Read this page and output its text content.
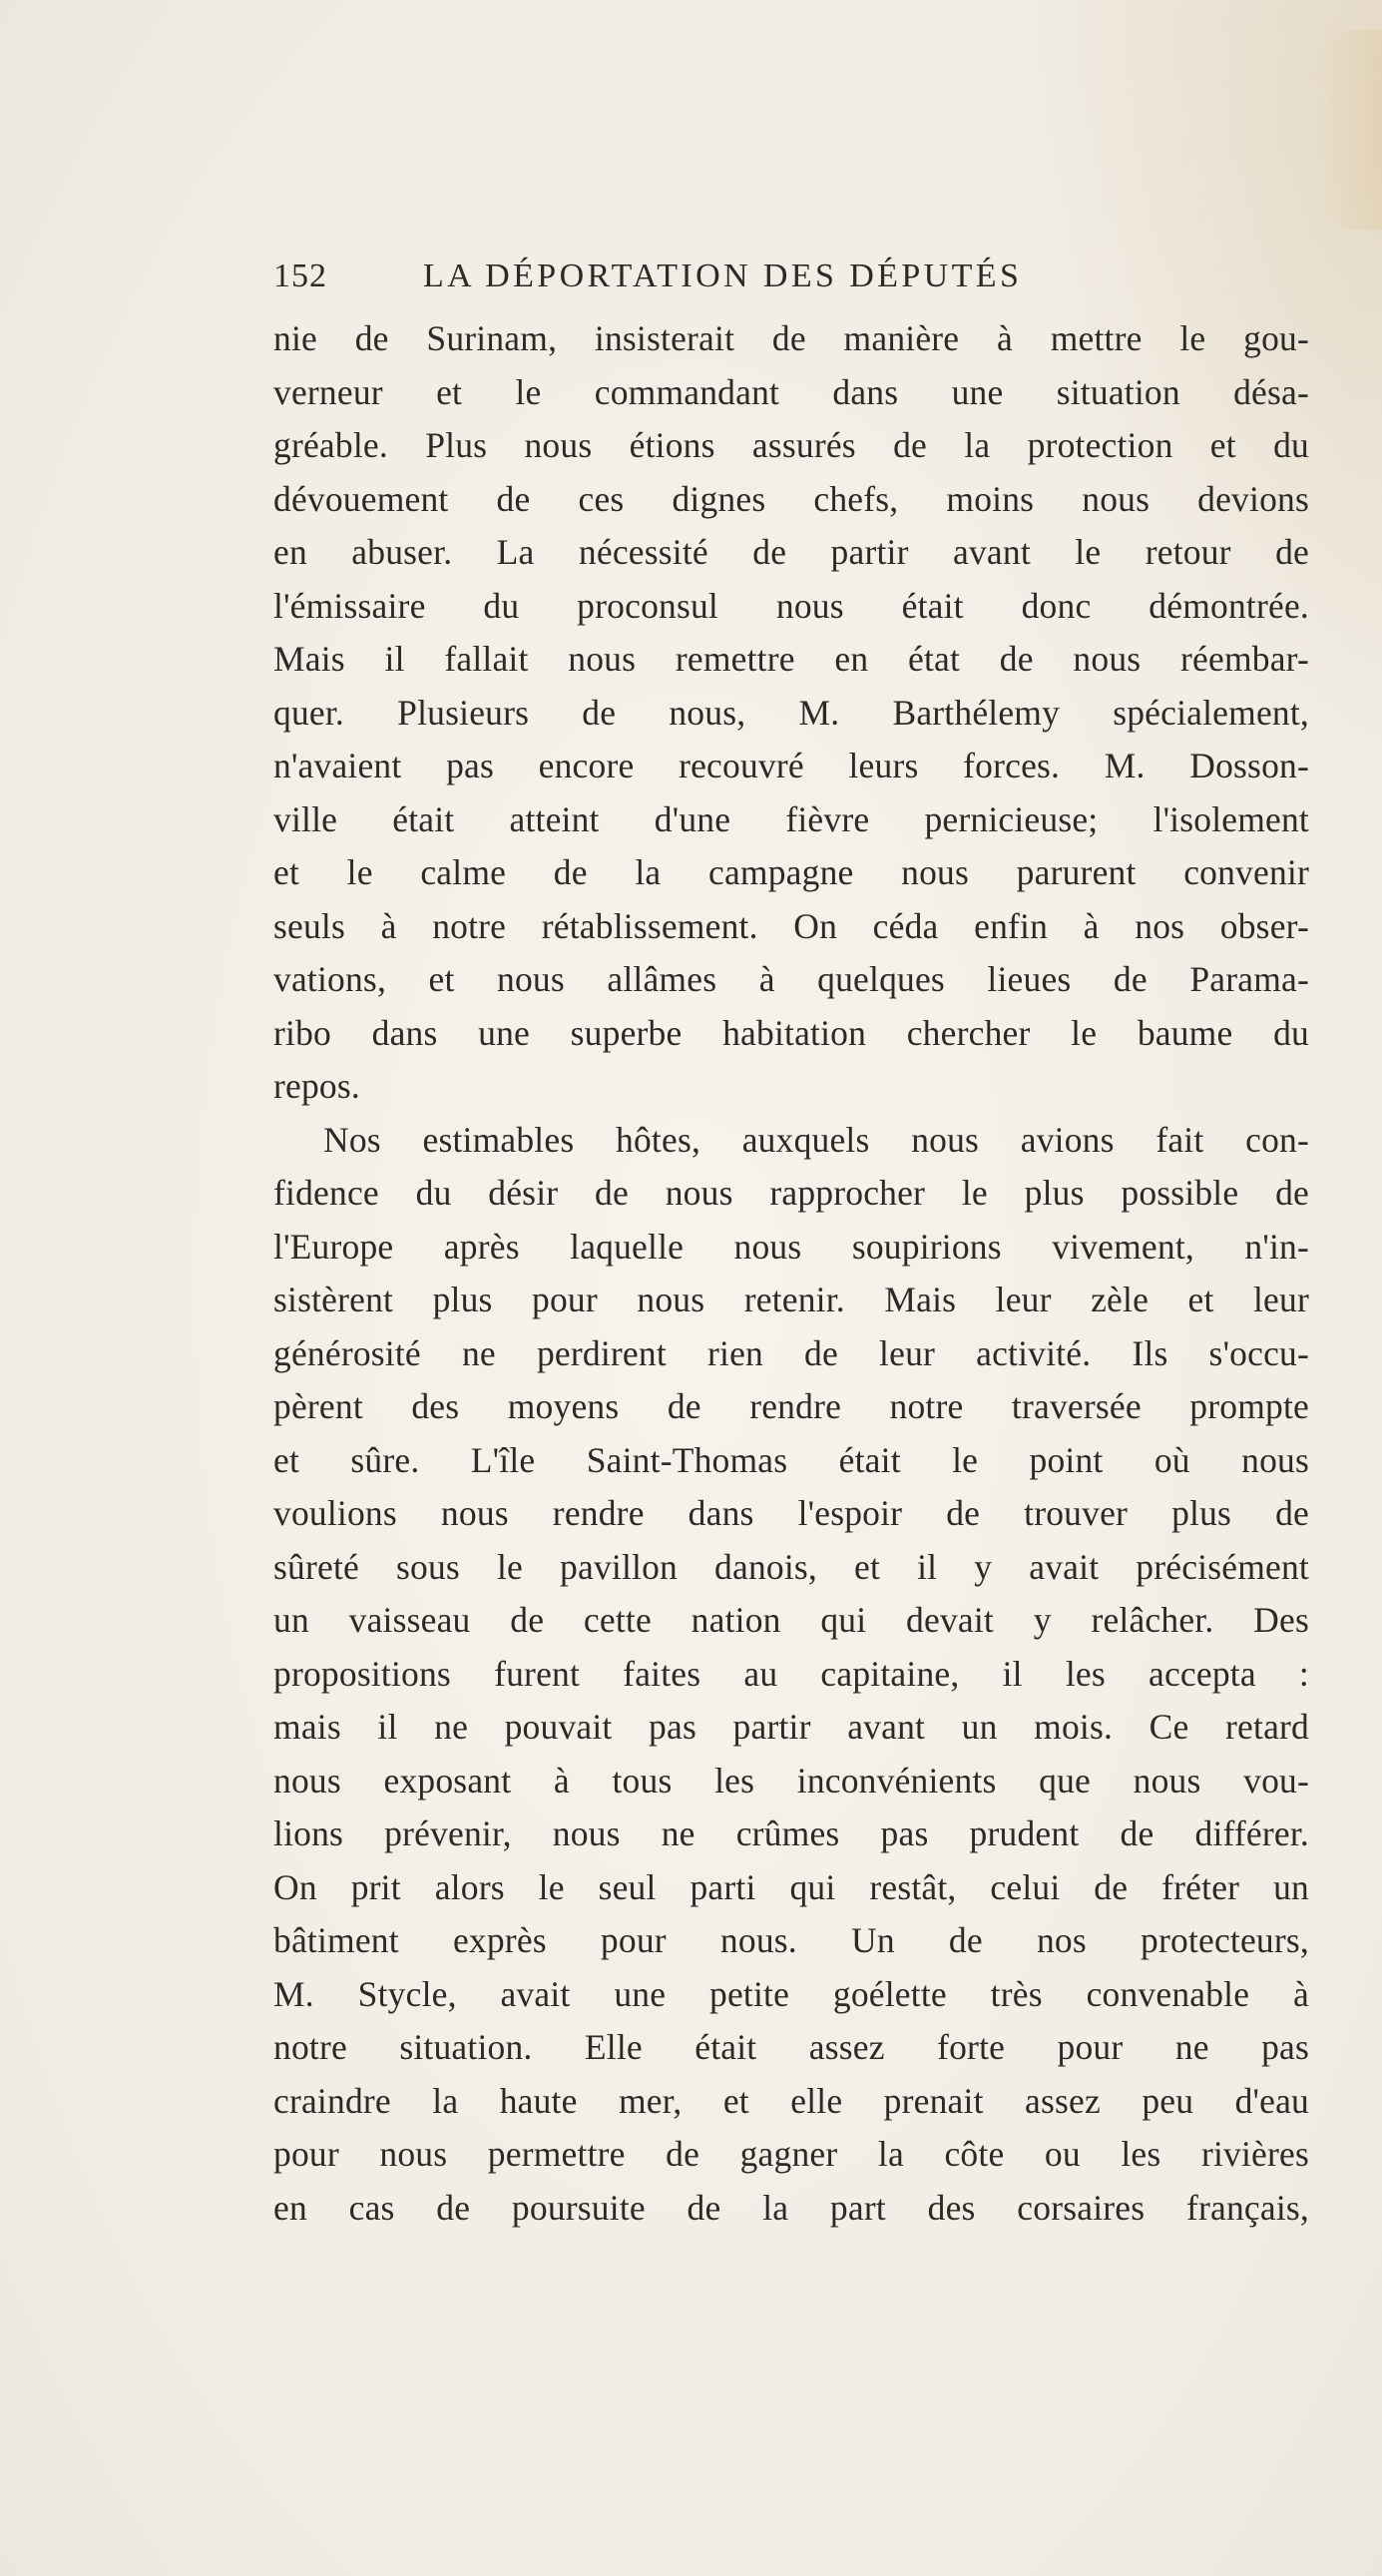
152	LA DÉPORTATION DES DÉPUTÉS
nie de Surinam, insisterait de manière à mettre le gou-
verneur et le commandant dans une situation désa-
gréable. Plus nous étions assurés de la protection et du
dévouement de ces dignes chefs, moins nous devions
en abuser. La nécessité de partir avant le retour de
l'émissaire du proconsul nous était donc démontrée.
Mais il fallait nous remettre en état de nous réembar-
quer. Plusieurs de nous, M. Barthélemy spécialement,
n'avaient pas encore recouvré leurs forces. M. Dosson-
ville était atteint d'une fièvre pernicieuse; l'isolement
et le calme de la campagne nous parurent convenir
seuls à notre rétablissement. On céda enfin à nos obser-
vations, et nous allâmes à quelques lieues de Parama-
ribo dans une superbe habitation chercher le baume du
repos.
Nos estimables hôtes, auxquels nous avions fait con-
fidence du désir de nous rapprocher le plus possible de
l'Europe après laquelle nous soupirions vivement, n'in-
sistèrent plus pour nous retenir. Mais leur zèle et leur
générosité ne perdirent rien de leur activité. Ils s'occu-
pèrent des moyens de rendre notre traversée prompte
et sûre. L'île Saint-Thomas était le point où nous
voulions nous rendre dans l'espoir de trouver plus de
sûreté sous le pavillon danois, et il y avait précisément
un vaisseau de cette nation qui devait y relâcher. Des
propositions furent faites au capitaine, il les accepta :
mais il ne pouvait pas partir avant un mois. Ce retard
nous exposant à tous les inconvénients que nous vou-
lions prévenir, nous ne crûmes pas prudent de différer.
On prit alors le seul parti qui restât, celui de fréter un
bâtiment exprès pour nous. Un de nos protecteurs,
M. Stycle, avait une petite goélette très convenable à
notre situation. Elle était assez forte pour ne pas
craindre la haute mer, et elle prenait assez peu d'eau
pour nous permettre de gagner la côte ou les rivières
en cas de poursuite de la part des corsaires français,
